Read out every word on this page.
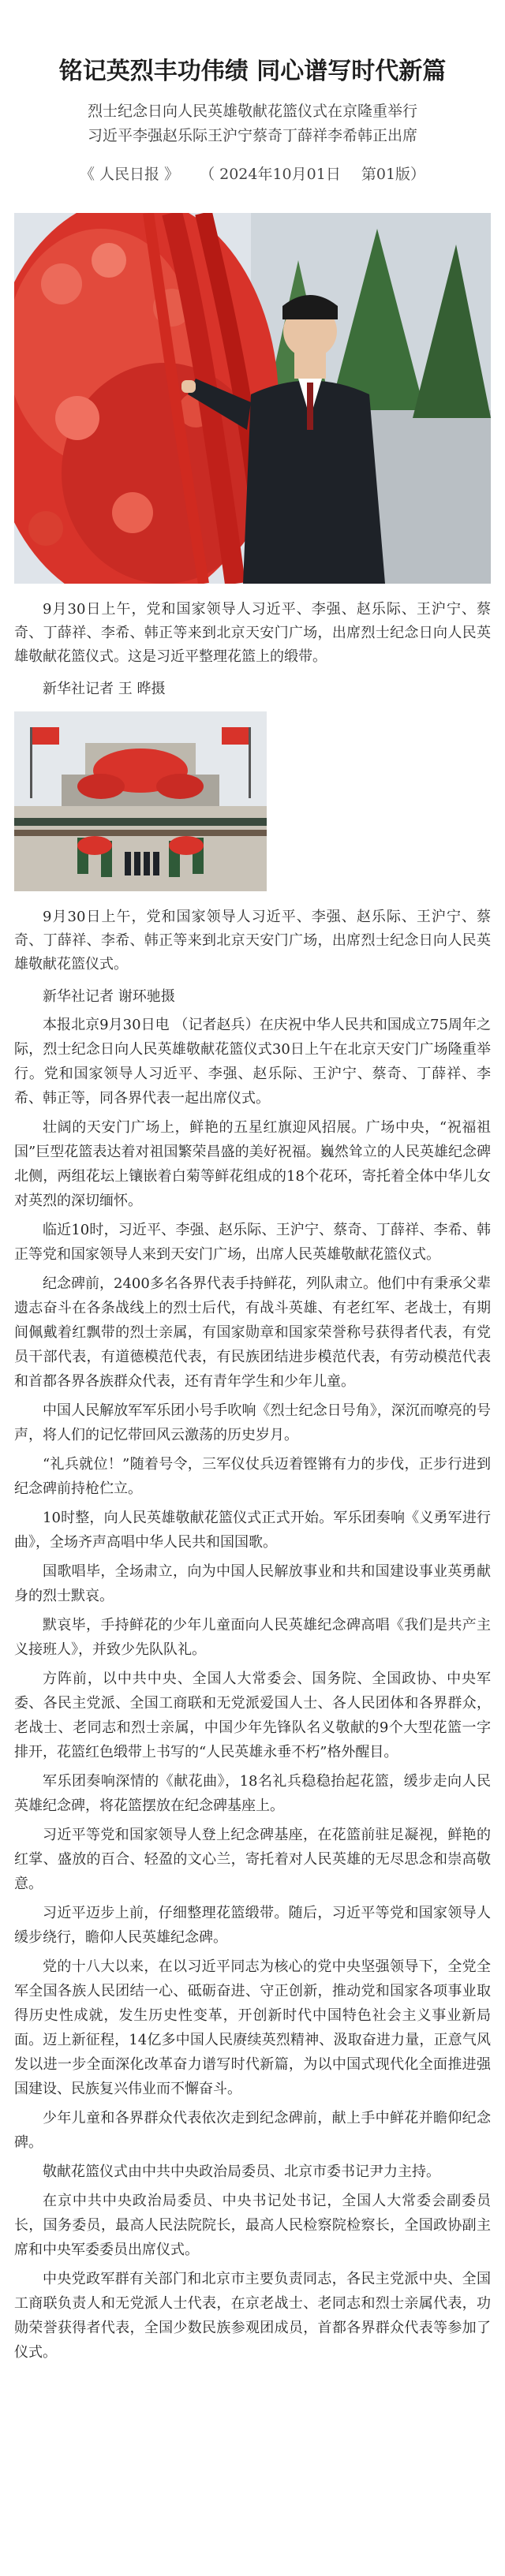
铭记英烈丰功伟绩 同心谱写时代新篇

烈士纪念日向人民英雄敬献花篮仪式在京隆重举行
习近平李强赵乐际王沪宁蔡奇丁薛祥李希韩正出席

《 人民日报 》 （ 2024年10月01日 第01版）

9月30日上午，党和国家领导人习近平、李强、赵乐际、王沪宁、蔡奇、丁薛祥、李希、韩正等来到北京天安门广场，出席烈士纪念日向人民英雄敬献花篮仪式。这是习近平整理花篮上的缎带。

新华社记者 王 晔摄

9月30日上午，党和国家领导人习近平、李强、赵乐际、王沪宁、蔡奇、丁薛祥、李希、韩正等来到北京天安门广场，出席烈士纪念日向人民英雄敬献花篮仪式。

新华社记者 谢环驰摄

本报北京9月30日电 （记者赵兵）在庆祝中华人民共和国成立75周年之际，烈士纪念日向人民英雄敬献花篮仪式30日上午在北京天安门广场隆重举行。党和国家领导人习近平、李强、赵乐际、王沪宁、蔡奇、丁薛祥、李希、韩正等，同各界代表一起出席仪式。

壮阔的天安门广场上，鲜艳的五星红旗迎风招展。广场中央，“祝福祖国”巨型花篮表达着对祖国繁荣昌盛的美好祝福。巍然耸立的人民英雄纪念碑北侧，两组花坛上镶嵌着白菊等鲜花组成的18个花环，寄托着全体中华儿女对英烈的深切缅怀。

临近10时，习近平、李强、赵乐际、王沪宁、蔡奇、丁薛祥、李希、韩正等党和国家领导人来到天安门广场，出席人民英雄敬献花篮仪式。

纪念碑前，2400多名各界代表手持鲜花，列队肃立。他们中有秉承父辈遗志奋斗在各条战线上的烈士后代，有战斗英雄、有老红军、老战士，有期间佩戴着红飘带的烈士亲属，有国家勋章和国家荣誉称号获得者代表，有党员干部代表，有道德模范代表，有民族团结进步模范代表，有劳动模范代表和首都各界各族群众代表，还有青年学生和少年儿童。

中国人民解放军军乐团小号手吹响《烈士纪念日号角》，深沉而嘹亮的号声，将人们的记忆带回风云激荡的历史岁月。

“礼兵就位！”随着号令，三军仪仗兵迈着铿锵有力的步伐，正步行进到纪念碑前持枪伫立。

10时整，向人民英雄敬献花篮仪式正式开始。军乐团奏响《义勇军进行曲》，全场齐声高唱中华人民共和国国歌。

国歌唱毕，全场肃立，向为中国人民解放事业和共和国建设事业英勇献身的烈士默哀。

默哀毕，手持鲜花的少年儿童面向人民英雄纪念碑高唱《我们是共产主义接班人》，并致少先队队礼。

方阵前，以中共中央、全国人大常委会、国务院、全国政协、中央军委、各民主党派、全国工商联和无党派爱国人士、各人民团体和各界群众，老战士、老同志和烈士亲属，中国少年先锋队名义敬献的9个大型花篮一字排开，花篮红色缎带上书写的“人民英雄永垂不朽”格外醒目。

军乐团奏响深情的《献花曲》，18名礼兵稳稳抬起花篮，缓步走向人民英雄纪念碑，将花篮摆放在纪念碑基座上。

习近平等党和国家领导人登上纪念碑基座，在花篮前驻足凝视，鲜艳的红掌、盛放的百合、轻盈的文心兰，寄托着对人民英雄的无尽思念和崇高敬意。

习近平迈步上前，仔细整理花篮缎带。随后，习近平等党和国家领导人缓步绕行，瞻仰人民英雄纪念碑。

党的十八大以来，在以习近平同志为核心的党中央坚强领导下，全党全军全国各族人民团结一心、砥砺奋进、守正创新，推动党和国家各项事业取得历史性成就，发生历史性变革，开创新时代中国特色社会主义事业新局面。迈上新征程，14亿多中国人民赓续英烈精神、汲取奋进力量，正意气风发以进一步全面深化改革奋力谱写时代新篇，为以中国式现代化全面推进强国建设、民族复兴伟业而不懈奋斗。

少年儿童和各界群众代表依次走到纪念碑前，献上手中鲜花并瞻仰纪念碑。

敬献花篮仪式由中共中央政治局委员、北京市委书记尹力主持。

在京中共中央政治局委员、中央书记处书记，全国人大常委会副委员长，国务委员，最高人民法院院长，最高人民检察院检察长，全国政协副主席和中央军委委员出席仪式。

中央党政军群有关部门和北京市主要负责同志，各民主党派中央、全国工商联负责人和无党派人士代表，在京老战士、老同志和烈士亲属代表，功勋荣誉获得者代表，全国少数民族参观团成员，首都各界群众代表等参加了仪式。
